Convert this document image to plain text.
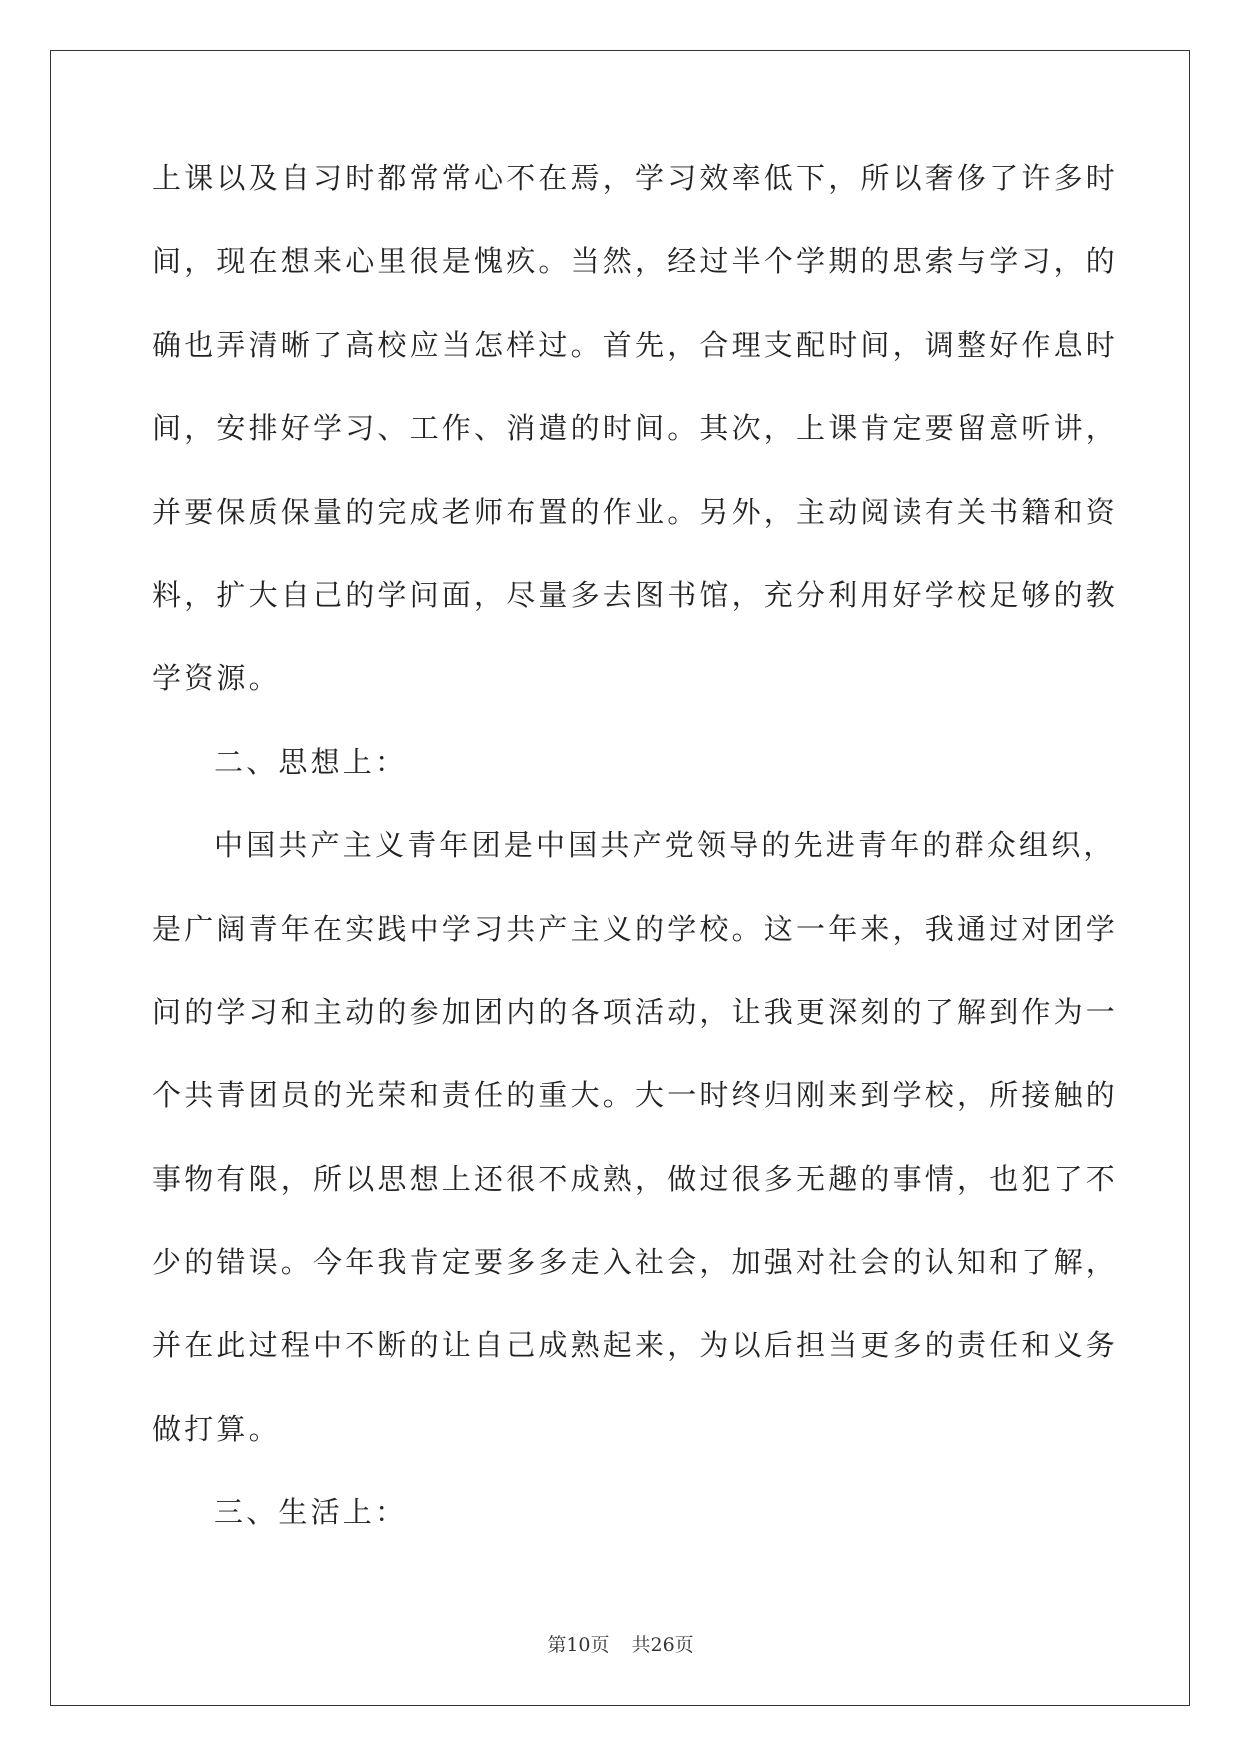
上课以及自习时都常常心不在焉，学习效率低下，所以奢侈了许多时
间，现在想来心里很是愧疚。当然，经过半个学期的思索与学习，的
确也弄清晰了高校应当怎样过。首先，合理支配时间，调整好作息时
间，安排好学习、工作、消遣的时间。其次，上课肯定要留意听讲，
并要保质保量的完成老师布置的作业。另外，主动阅读有关书籍和资
料，扩大自己的学问面，尽量多去图书馆，充分利用好学校足够的教
学资源。
二、思想上：
中国共产主义青年团是中国共产党领导的先进青年的群众组织，
是广阔青年在实践中学习共产主义的学校。这一年来，我通过对团学
问的学习和主动的参加团内的各项活动，让我更深刻的了解到作为一
个共青团员的光荣和责任的重大。大一时终归刚来到学校，所接触的
事物有限，所以思想上还很不成熟，做过很多无趣的事情，也犯了不
少的错误。今年我肯定要多多走入社会，加强对社会的认知和了解，
并在此过程中不断的让自己成熟起来，为以后担当更多的责任和义务
做打算。
三、生活上：
第10页 共26页
